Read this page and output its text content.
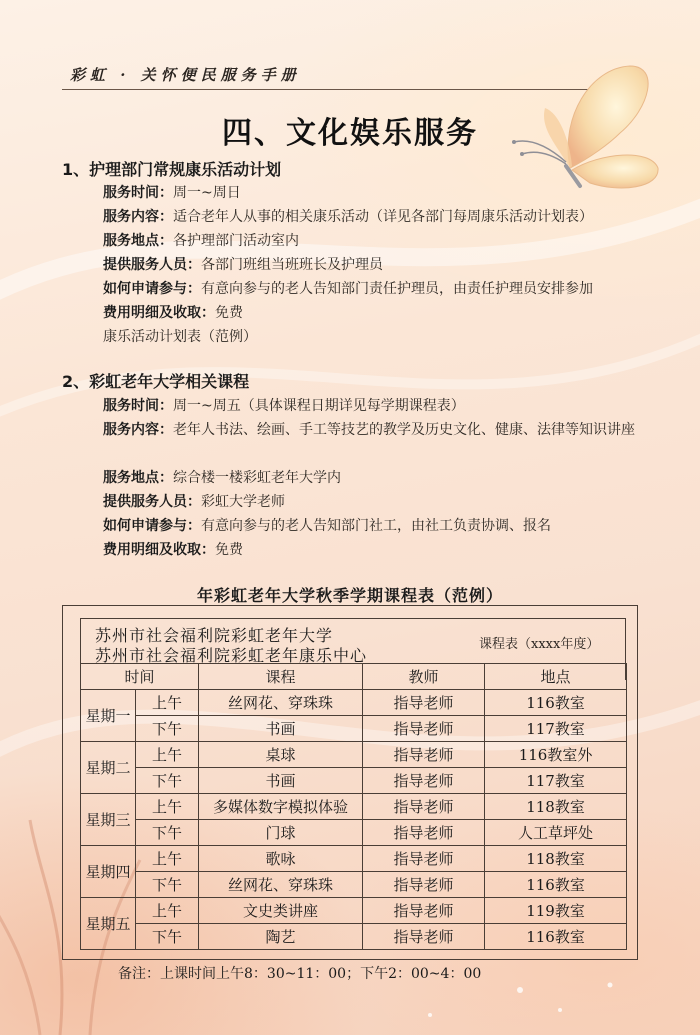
彩虹 · 关怀便民服务手册
四、文化娱乐服务
1、护理部门常规康乐活动计划
服务时间：周一~周日
服务内容：适合老年人从事的相关康乐活动（详见各部门每周康乐活动计划表）
服务地点：各护理部门活动室内
提供服务人员：各部门班组当班班长及护理员
如何申请参与：有意向参与的老人告知部门责任护理员，由责任护理员安排参加
费用明细及收取：免费
康乐活动计划表（范例）
2、彩虹老年大学相关课程
服务时间：周一~周五（具体课程日期详见每学期课程表）
服务内容：老年人书法、绘画、手工等技艺的教学及历史文化、健康、法律等知识讲座
服务地点：综合楼一楼彩虹老年大学内
提供服务人员：彩虹大学老师
如何申请参与：有意向参与的老人告知部门社工，由社工负责协调、报名
费用明细及收取：免费
年彩虹老年大学秋季学期课程表（范例）
苏州市社会福利院彩虹老年大学
苏州市社会福利院彩虹老年康乐中心
课程表（xxxx年度）
时间		课程	教师	地点
星期一	上午	丝网花、穿珠珠	指导老师	116教室
	下午	书画	指导老师	117教室
星期二	上午	桌球	指导老师	116教室外
	下午	书画	指导老师	117教室
星期三	上午	多媒体数字模拟体验	指导老师	118教室
	下午	门球	指导老师	人工草坪处
星期四	上午	歌咏	指导老师	118教室
	下午	丝网花、穿珠珠	指导老师	116教室
星期五	上午	文史类讲座	指导老师	119教室
	下午	陶艺	指导老师	116教室
备注：上课时间上午8：30~11：00；下午2：00~4：00
